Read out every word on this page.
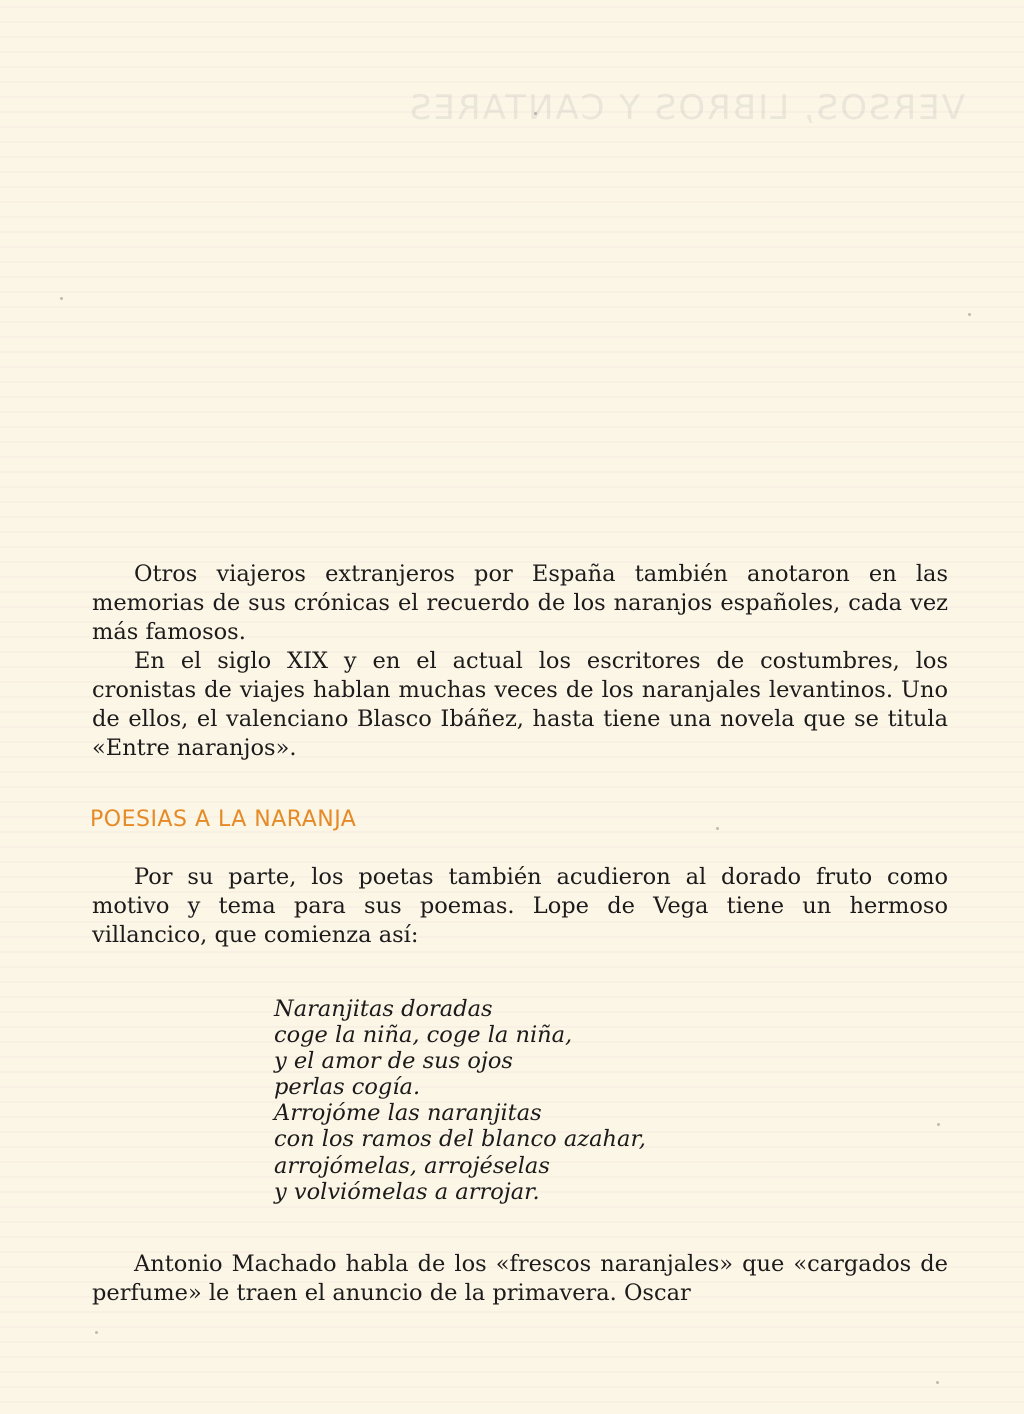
VERSOS, LIBROS Y CANTARES

Otros viajeros extranjeros por España también anotaron en las memorias de sus crónicas el recuerdo de los naranjos españoles, cada vez más famosos.

En el siglo XIX y en el actual los escritores de costumbres, los cronistas de viajes hablan muchas veces de los naranjales levantinos. Uno de ellos, el valenciano Blasco Ibáñez, hasta tiene una novela que se titula «Entre naranjos».

POESIAS A LA NARANJA

Por su parte, los poetas también acudieron al dorado fruto como motivo y tema para sus poemas. Lope de Vega tiene un hermoso villancico, que comienza así:

Naranjitas doradas
coge la niña, coge la niña,
y el amor de sus ojos
perlas cogía.
Arrojóme las naranjitas
con los ramos del blanco azahar,
arrojómelas, arrojéselas
y volviómelas a arrojar.

Antonio Machado habla de los «frescos naranjales» que «cargados de perfume» le traen el anuncio de la primavera. Oscar
